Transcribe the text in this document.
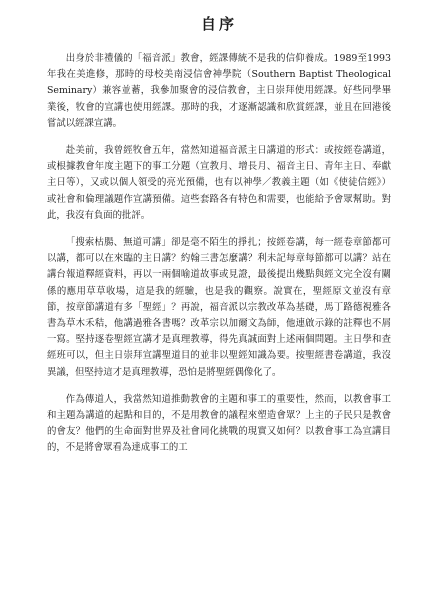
自序

出身於非禮儀的「福音派」教會，經課傳統不是我的信仰養成。1989至1993年我在美進修，那時的母校美南浸信會神學院（Southern Baptist Theological Seminary）兼容並蓄，我參加聚會的浸信教會，主日崇拜使用經課。好些同學畢業後，牧會的宣講也使用經課。那時的我，才逐漸認識和欣賞經課，並且在回港後嘗試以經課宣講。

赴美前，我曾經牧會五年，當然知道福音派主日講道的形式：或按經卷講道，或根據教會年度主題下的事工分題（宣教月、增長月、福音主日、青年主日、奉獻主日等），又或以個人領受的亮光預備，也有以神學／教義主題（如《使徒信經》）或社會和倫理議題作宣講預備。這些套路各有特色和需要，也能給予會眾幫助。對此，我沒有負面的批評。

「搜索枯腸、無道可講」卻是毫不陌生的掙扎；按經卷講，每一經卷章節都可以講，都可以在來臨的主日講？約翰三書怎麼講？利未記每章每節都可以講？站在講台報道釋經資料，再以一兩個喻道故事或見證，最後提出幾點與經文完全沒有關係的應用草草收場，這是我的經驗，也是我的觀察。說實在，聖經原文並沒有章節，按章節講道有多「聖經」？再說，福音派以宗教改革為基礎，馬丁路德視雅各書為草木禾秸，他講過雅各書嗎？改革宗以加爾文為師，他連啟示錄的註釋也不屑一寫。堅持逐卷聖經宣講才是真理教導，得先真誠面對上述兩個問題。主日學和查經班可以，但主日崇拜宣講聖道目的並非以聖經知識為要。按聖經書卷講道，我沒異議，但堅持這才是真理教導，恐怕是將聖經偶像化了。

作為傳道人，我當然知道推動教會的主題和事工的重要性，然而，以教會事工和主題為講道的起點和目的，不是用教會的議程來塑造會眾？上主的子民只是教會的會友？他們的生命面對世界及社會同化挑戰的現實又如何？以教會事工為宣講目的，不是將會眾看為達成事工的工
